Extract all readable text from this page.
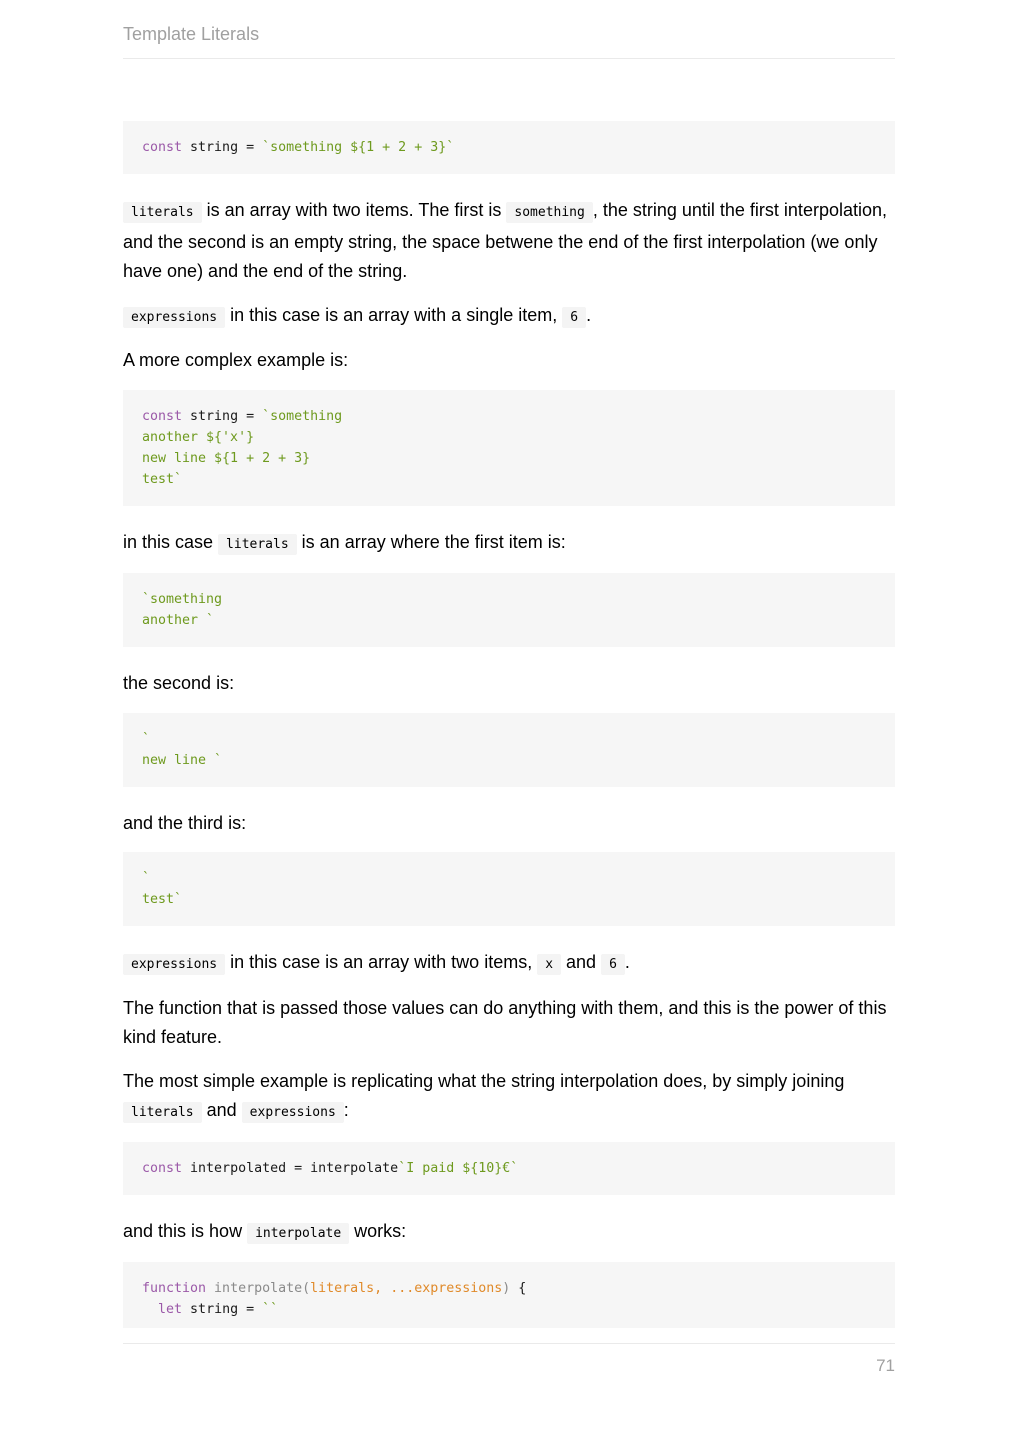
Template Literals
const string = `something ${1 + 2 + 3}`

literals is an array with two items. The first is something , the string until the first interpolation, and the second is an empty string, the space betwene the end of the first interpolation (we only have one) and the end of the string.

expressions in this case is an array with a single item, 6 .

A more complex example is:

const string = `something
another ${'x'}
new line ${1 + 2 + 3}
test`

in this case literals is an array where the first item is:

`something
another `

the second is:

`
new line `

and the third is:

`
test`

expressions in this case is an array with two items, x and 6 .

The function that is passed those values can do anything with them, and this is the power of this kind feature.

The most simple example is replicating what the string interpolation does, by simply joining literals and expressions :

const interpolated = interpolate`I paid ${10}€`

and this is how interpolate works:

function interpolate(literals, ...expressions) {
let string = ``
71
